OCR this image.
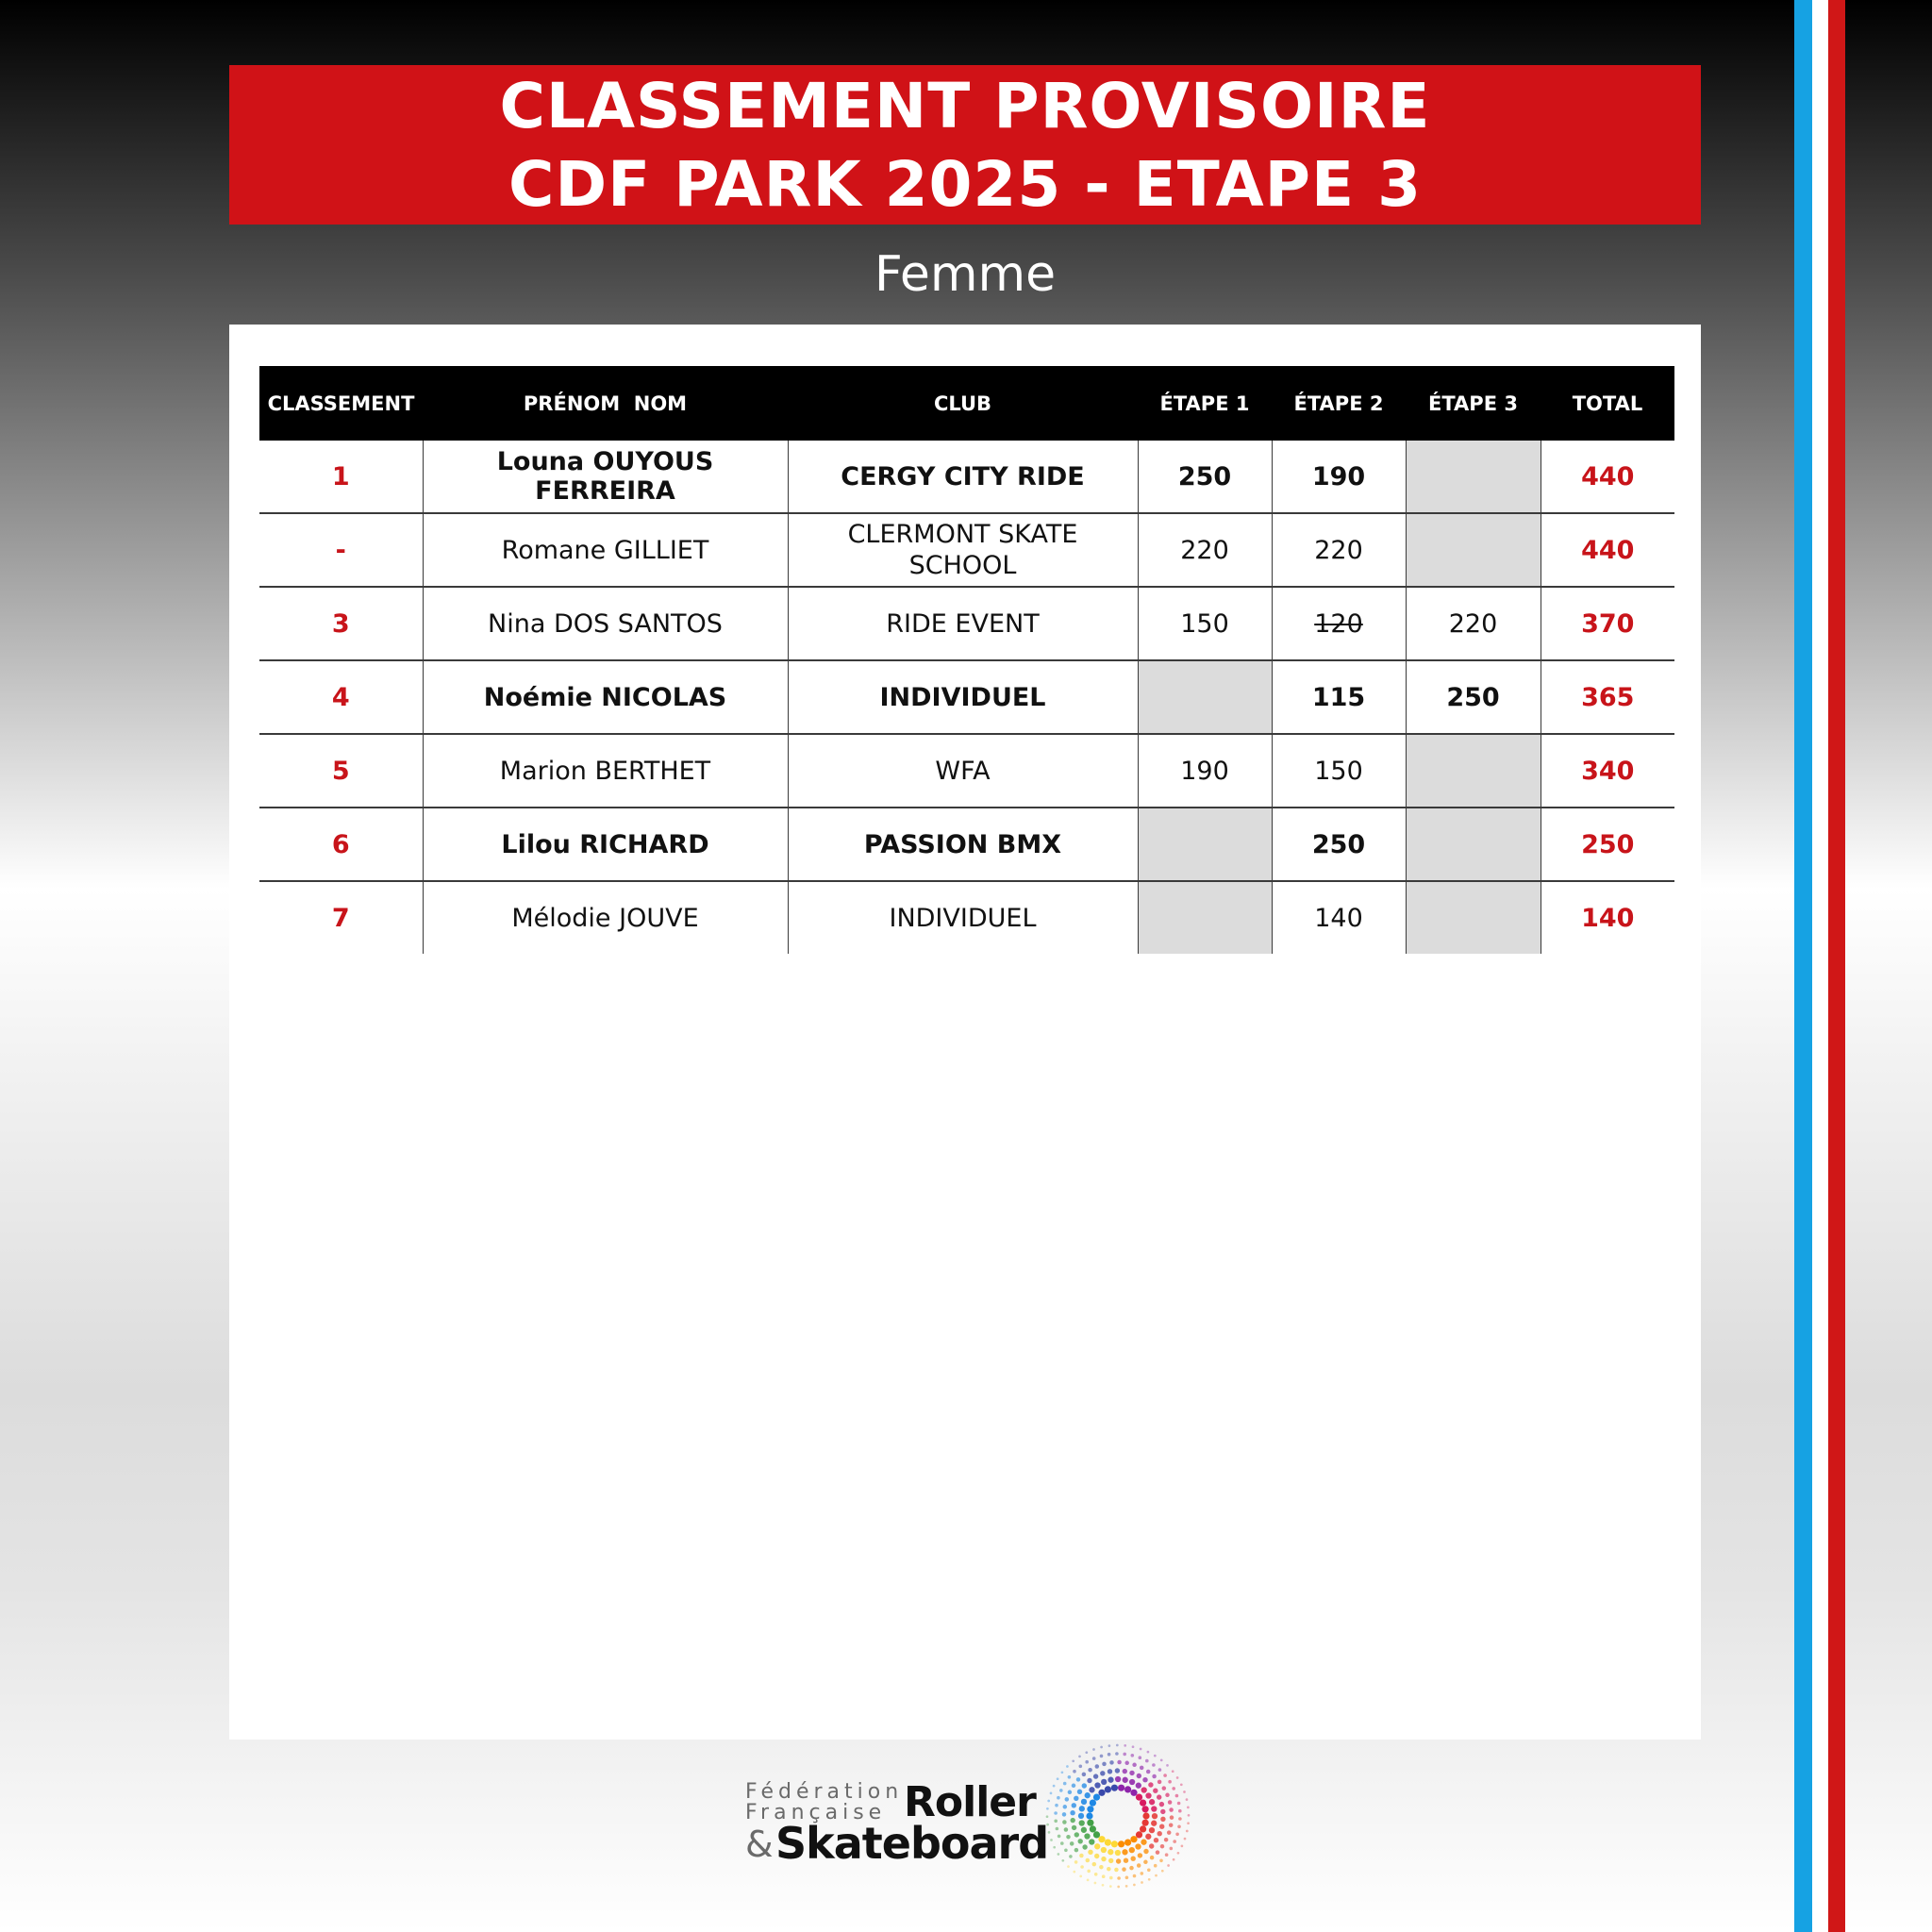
CLASSEMENT PROVISOIRE
CDF PARK 2025 - ETAPE 3
Femme
CLASSEMENT	PRÉNOM  NOM	CLUB	ÉTAPE 1	ÉTAPE 2	ÉTAPE 3	TOTAL
1	Louna OUYOUS FERREIRA	CERGY CITY RIDE	250	190		440
-	Romane GILLIET	CLERMONT SKATE SCHOOL	220	220		440
3	Nina DOS SANTOS	RIDE EVENT	150	120	220	370
4	Noémie NICOLAS	INDIVIDUEL		115	250	365
5	Marion BERTHET	WFA	190	150		340
6	Lilou RICHARD	PASSION BMX		250		250
7	Mélodie JOUVE	INDIVIDUEL		140		140
Fédération
Française Roller
& Skateboard
